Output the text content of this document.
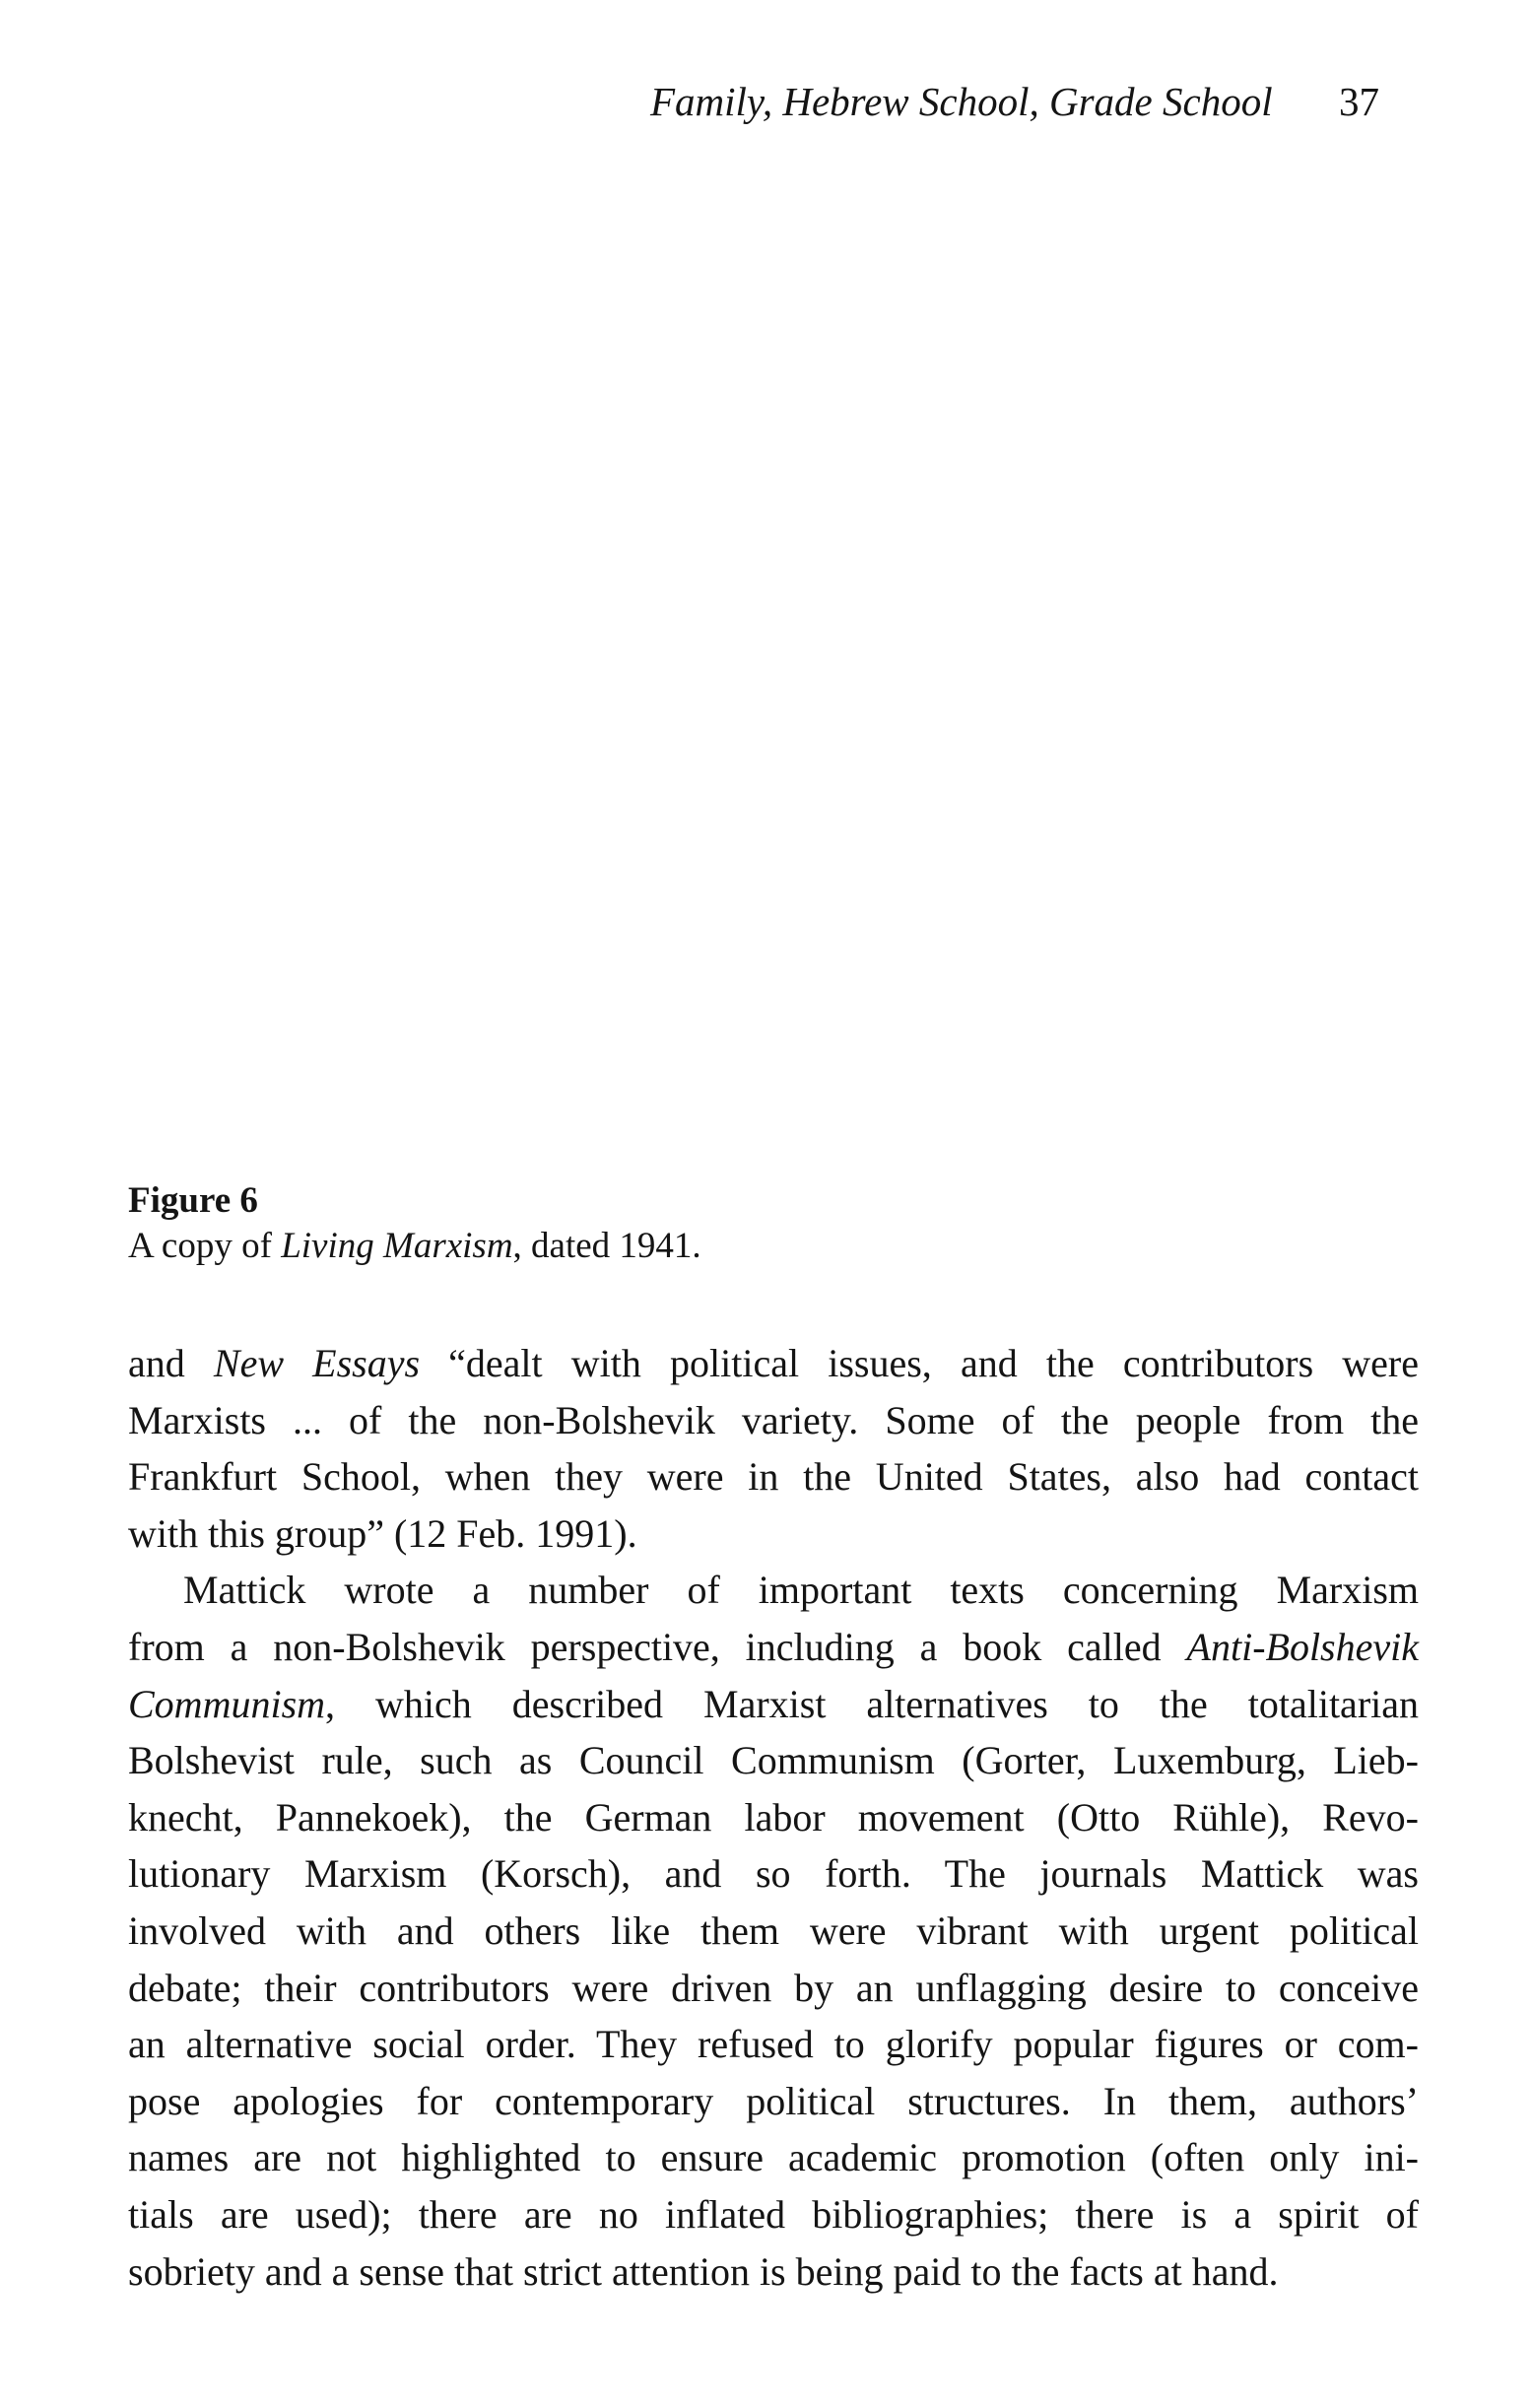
Family, Hebrew School, Grade School 37
Figure 6
A copy of Living Marxism, dated 1941.
and New Essays “dealt with political issues, and the contributors were
Marxists ... of the non-Bolshevik variety. Some of the people from the
Frankfurt School, when they were in the United States, also had contact
with this group” (12 Feb. 1991).
Mattick wrote a number of important texts concerning Marxism
from a non-Bolshevik perspective, including a book called Anti-Bolshevik
Communism, which described Marxist alternatives to the totalitarian
Bolshevist rule, such as Council Communism (Gorter, Luxemburg, Lieb-
knecht, Pannekoek), the German labor movement (Otto Rühle), Revo-
lutionary Marxism (Korsch), and so forth. The journals Mattick was
involved with and others like them were vibrant with urgent political
debate; their contributors were driven by an unflagging desire to conceive
an alternative social order. They refused to glorify popular figures or com-
pose apologies for contemporary political structures. In them, authors’
names are not highlighted to ensure academic promotion (often only ini-
tials are used); there are no inflated bibliographies; there is a spirit of
sobriety and a sense that strict attention is being paid to the facts at hand.
